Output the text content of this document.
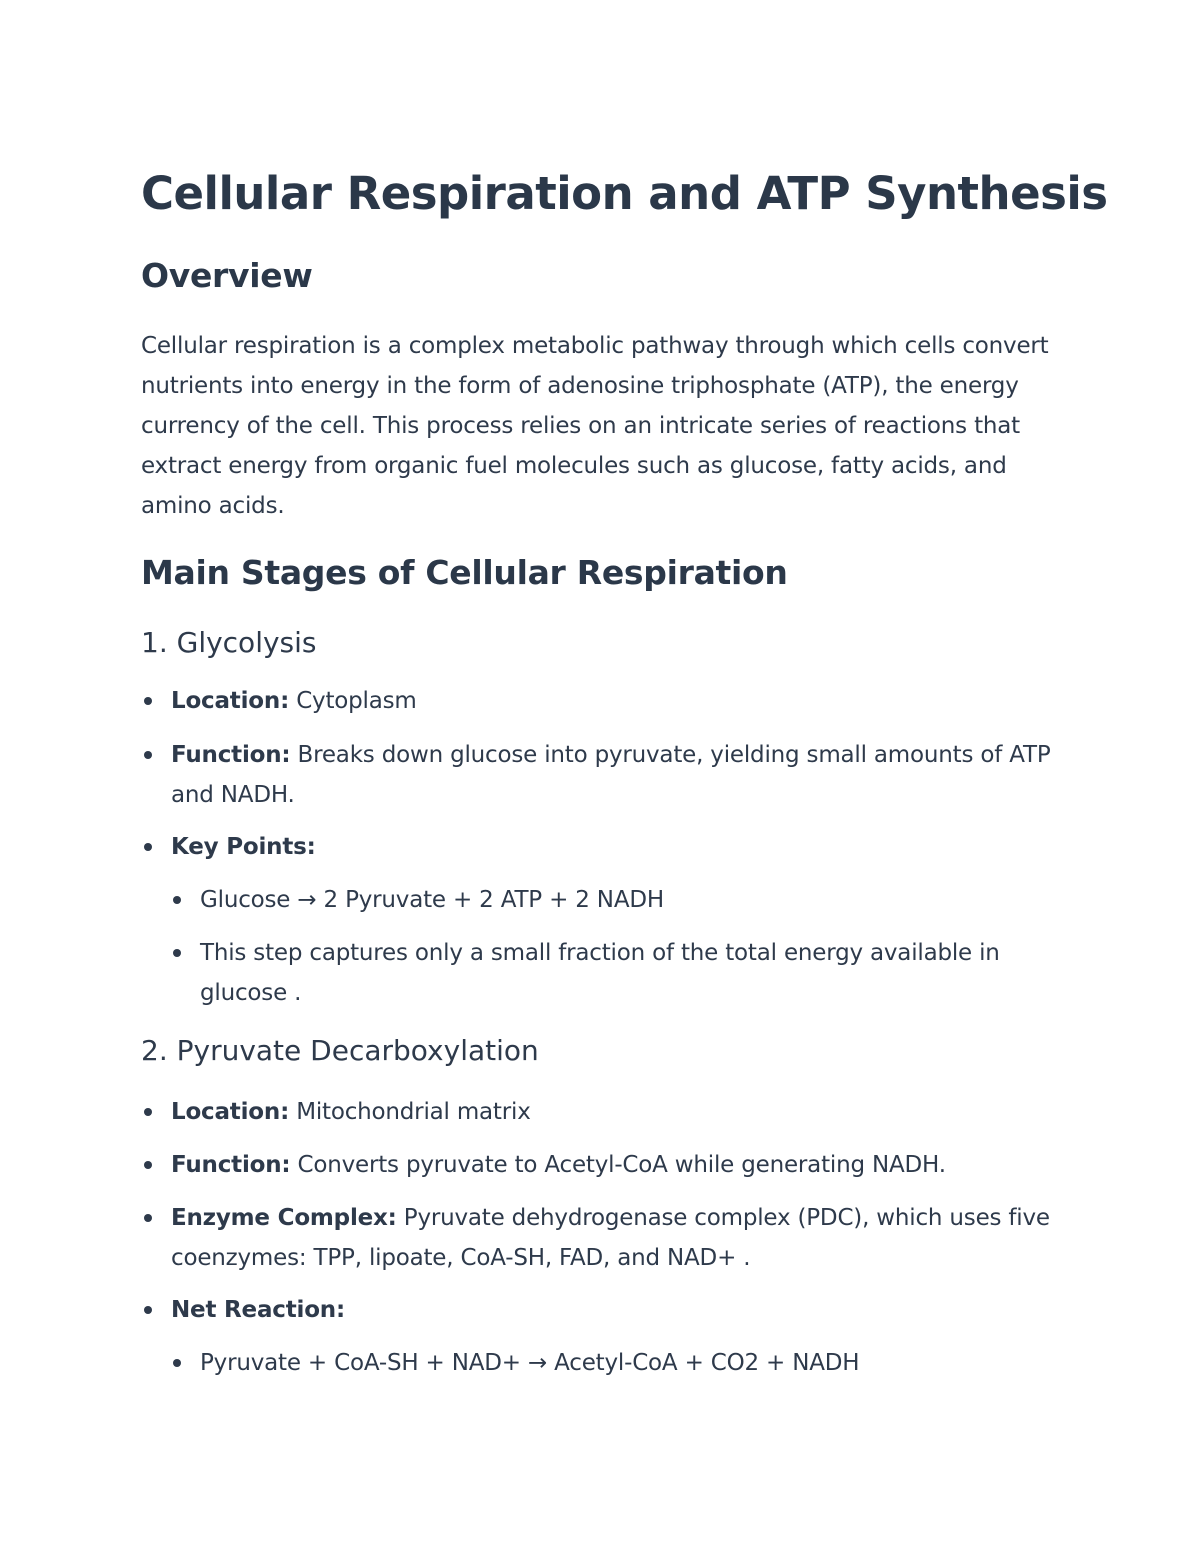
Cellular Respiration and ATP Synthesis
Overview

Cellular respiration is a complex metabolic pathway through which cells convert nutrients into energy in the form of adenosine triphosphate (ATP), the energy currency of the cell. This process relies on an intricate series of reactions that extract energy from organic fuel molecules such as glucose, fatty acids, and amino acids.

Main Stages of Cellular Respiration
1. Glycolysis
Location: Cytoplasm
Function: Breaks down glucose into pyruvate, yielding small amounts of ATP and NADH.
Key Points:
Glucose → 2 Pyruvate + 2 ATP + 2 NADH
This step captures only a small fraction of the total energy available in glucose .
2. Pyruvate Decarboxylation
Location: Mitochondrial matrix
Function: Converts pyruvate to Acetyl-CoA while generating NADH.
Enzyme Complex: Pyruvate dehydrogenase complex (PDC), which uses five coenzymes: TPP, lipoate, CoA-SH, FAD, and NAD+ .
Net Reaction:
Pyruvate + CoA-SH + NAD+ → Acetyl-CoA + CO2 + NADH
